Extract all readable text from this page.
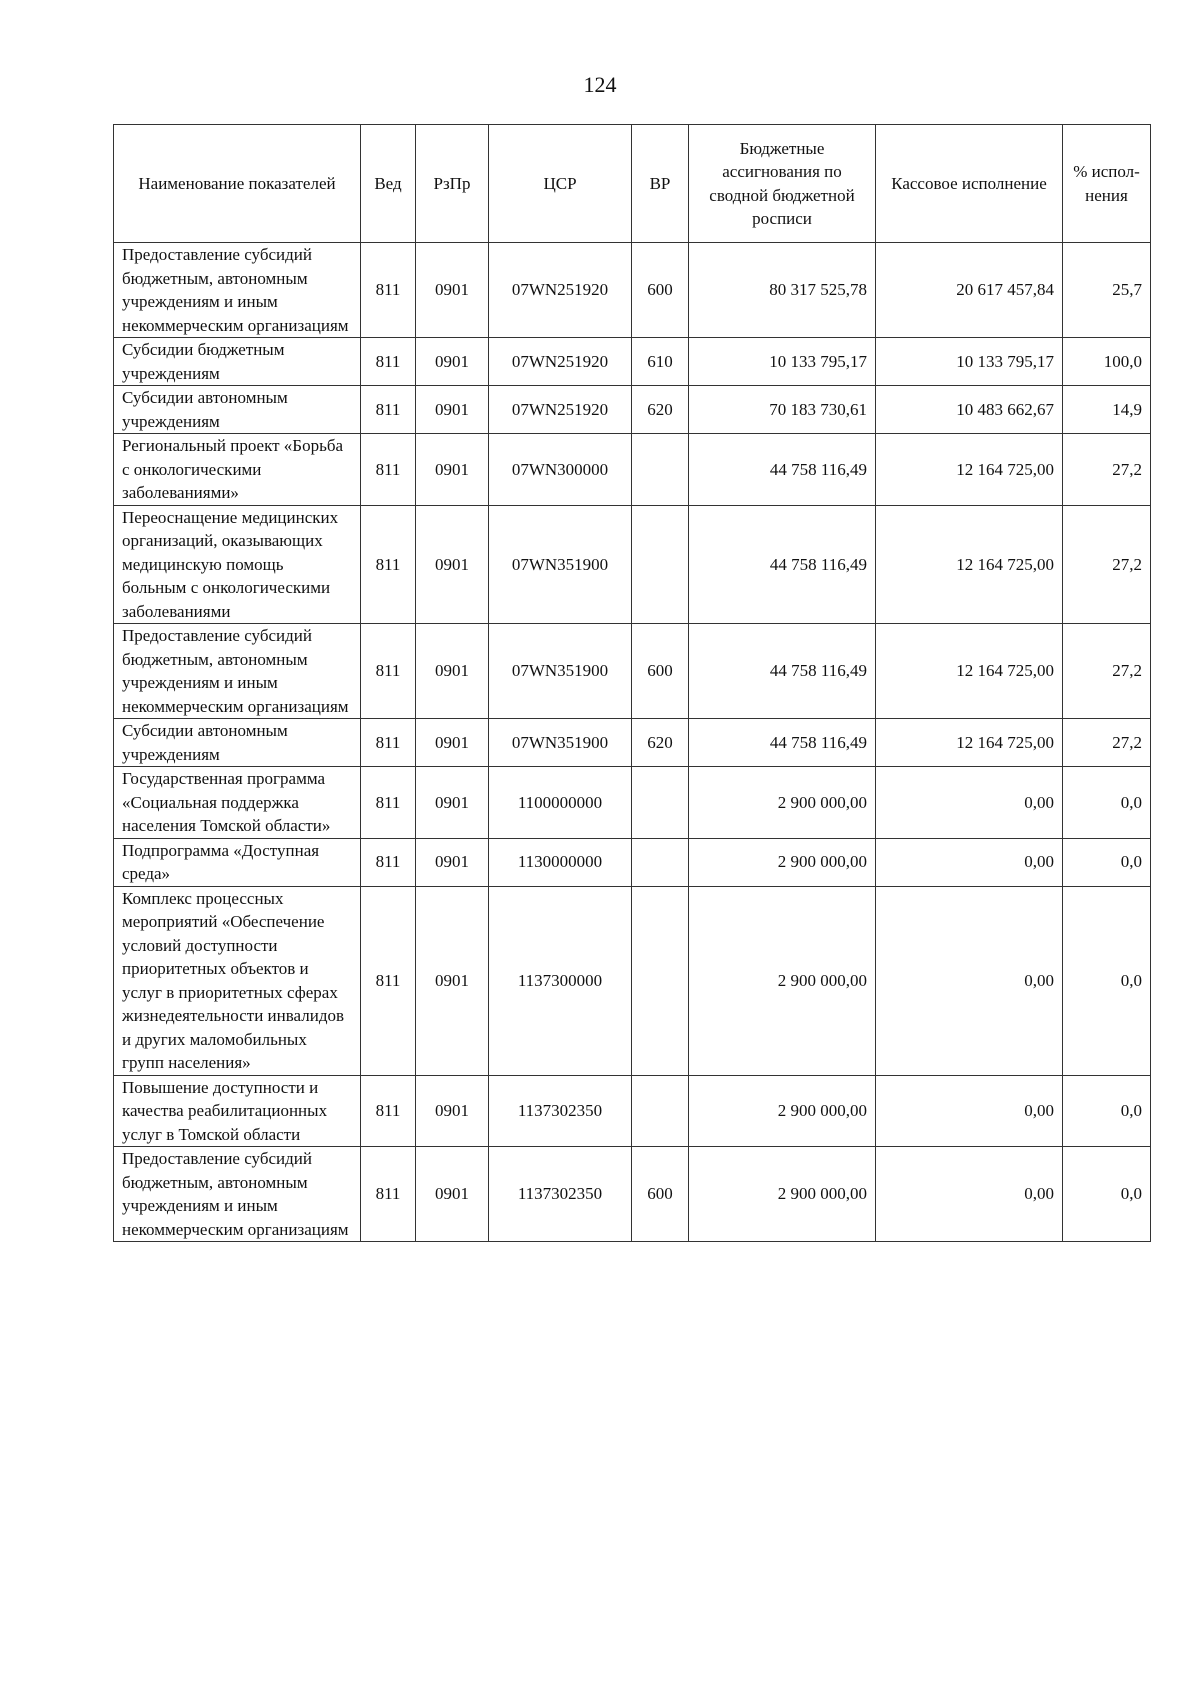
124
Наименование показателей	Вед	РзПр	ЦСР	ВР	Бюджетные ассигнования по сводной бюджетной росписи	Кассовое исполнение	% испол-нения
Предоставление субсидий бюджетным, автономным учреждениям и иным некоммерческим организациям	811	0901	07WN251920	600	80 317 525,78	20 617 457,84	25,7
Субсидии бюджетным учреждениям	811	0901	07WN251920	610	10 133 795,17	10 133 795,17	100,0
Субсидии автономным учреждениям	811	0901	07WN251920	620	70 183 730,61	10 483 662,67	14,9
Региональный проект «Борьба с онкологическими заболеваниями»	811	0901	07WN300000		44 758 116,49	12 164 725,00	27,2
Переоснащение медицинских организаций, оказывающих медицинскую помощь больным с онкологическими заболеваниями	811	0901	07WN351900		44 758 116,49	12 164 725,00	27,2
Предоставление субсидий бюджетным, автономным учреждениям и иным некоммерческим организациям	811	0901	07WN351900	600	44 758 116,49	12 164 725,00	27,2
Субсидии автономным учреждениям	811	0901	07WN351900	620	44 758 116,49	12 164 725,00	27,2
Государственная программа «Социальная поддержка населения Томской области»	811	0901	1100000000		2 900 000,00	0,00	0,0
Подпрограмма «Доступная среда»	811	0901	1130000000		2 900 000,00	0,00	0,0
Комплекс процессных мероприятий «Обеспечение условий доступности приоритетных объектов и услуг в приоритетных сферах жизнедеятельности инвалидов и других маломобильных групп населения»	811	0901	1137300000		2 900 000,00	0,00	0,0
Повышение доступности и качества реабилитационных услуг в Томской области	811	0901	1137302350		2 900 000,00	0,00	0,0
Предоставление субсидий бюджетным, автономным учреждениям и иным некоммерческим организациям	811	0901	1137302350	600	2 900 000,00	0,00	0,0
